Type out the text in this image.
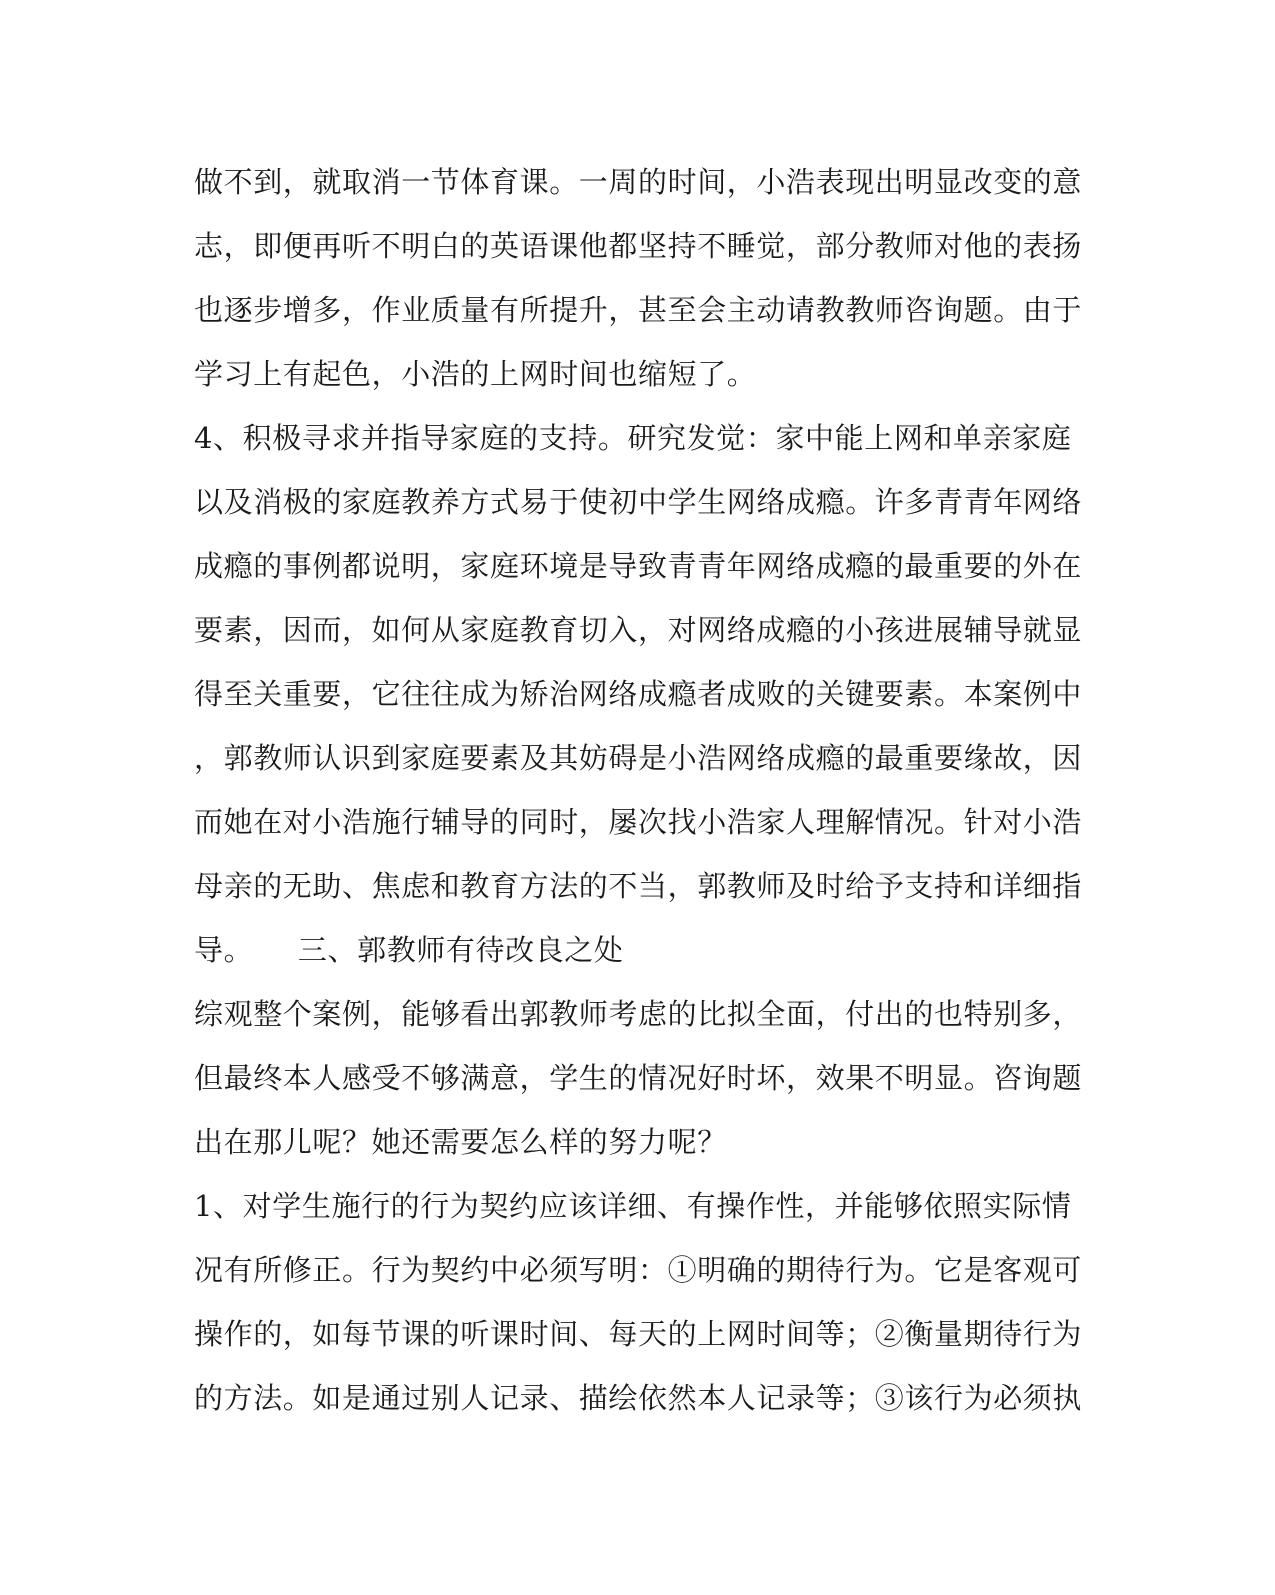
做不到，就取消一节体育课。一周的时间，小浩表现出明显改变的意
志，即便再听不明白的英语课他都坚持不睡觉，部分教师对他的表扬
也逐步增多，作业质量有所提升，甚至会主动请教教师咨询题。由于
学习上有起色，小浩的上网时间也缩短了。
4、积极寻求并指导家庭的支持。研究发觉：家中能上网和单亲家庭
以及消极的家庭教养方式易于使初中学生网络成瘾。许多青青年网络
成瘾的事例都说明，家庭环境是导致青青年网络成瘾的最重要的外在
要素，因而，如何从家庭教育切入，对网络成瘾的小孩进展辅导就显
得至关重要，它往往成为矫治网络成瘾者成败的关键要素。本案例中
，郭教师认识到家庭要素及其妨碍是小浩网络成瘾的最重要缘故，因
而她在对小浩施行辅导的同时，屡次找小浩家人理解情况。针对小浩
母亲的无助、焦虑和教育方法的不当，郭教师及时给予支持和详细指
导。　　三、郭教师有待改良之处
综观整个案例，能够看出郭教师考虑的比拟全面，付出的也特别多，
但最终本人感受不够满意，学生的情况好时坏，效果不明显。咨询题
出在那儿呢？她还需要怎么样的努力呢？
1、对学生施行的行为契约应该详细、有操作性，并能够依照实际情
况有所修正。行为契约中必须写明：①明确的期待行为。它是客观可
操作的，如每节课的听课时间、每天的上网时间等；②衡量期待行为
的方法。如是通过别人记录、描绘依然本人记录等；③该行为必须执
